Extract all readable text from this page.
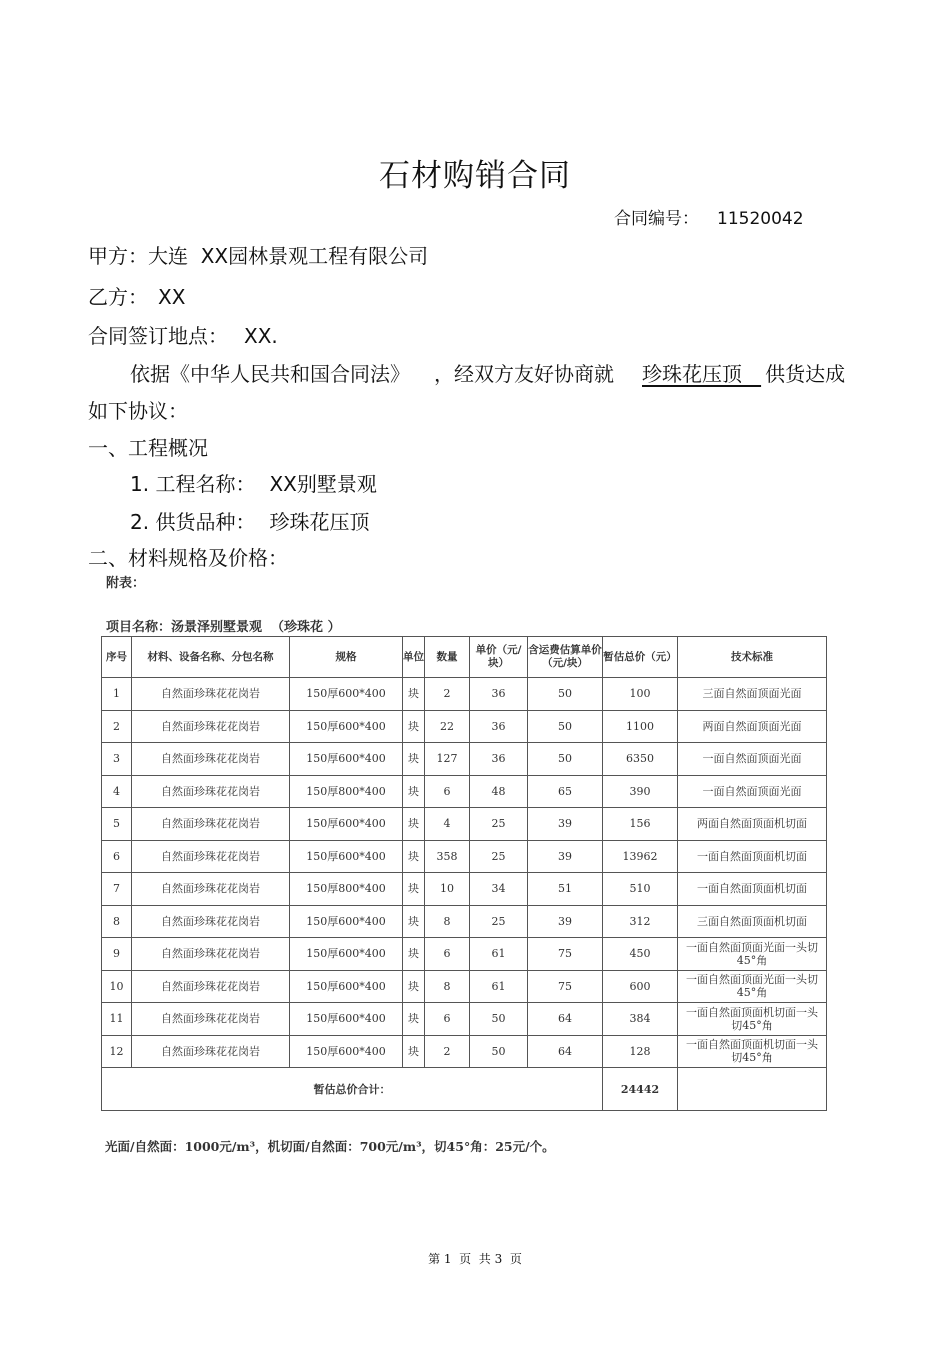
石材购销合同
合同编号： 11520042
甲方：大连  XX园林景观工程有限公司
乙方： XX
合同签订地点： XX.
依据《中华人民共和国合同法》 ，经双方友好协商就 珍珠花压顶 供货达成
如下协议：
一、工程概况
1. 工程名称： XX别墅景观
2. 供货品种： 珍珠花压顶
二、材料规格及价格：
附表：
项目名称：汤景泽别墅景观  （珍珠花 ）
序号	材料、设备名称、分包名称	规格	单位	数量	单价（元/块）	含运费估算单价（元/块）	暂估总价（元）	技术标准
1	自然面珍珠花花岗岩	150厚600*400	块	2	36	50	100	三面自然面顶面光面
2	自然面珍珠花花岗岩	150厚600*400	块	22	36	50	1100	两面自然面顶面光面
3	自然面珍珠花花岗岩	150厚600*400	块	127	36	50	6350	一面自然面顶面光面
4	自然面珍珠花花岗岩	150厚800*400	块	6	48	65	390	一面自然面顶面光面
5	自然面珍珠花花岗岩	150厚600*400	块	4	25	39	156	两面自然面顶面机切面
6	自然面珍珠花花岗岩	150厚600*400	块	358	25	39	13962	一面自然面顶面机切面
7	自然面珍珠花花岗岩	150厚800*400	块	10	34	51	510	一面自然面顶面机切面
8	自然面珍珠花花岗岩	150厚600*400	块	8	25	39	312	三面自然面顶面机切面
9	自然面珍珠花花岗岩	150厚600*400	块	6	61	75	450	一面自然面顶面光面一头切45°角
10	自然面珍珠花花岗岩	150厚600*400	块	8	61	75	600	一面自然面顶面光面一头切45°角
11	自然面珍珠花花岗岩	150厚600*400	块	6	50	64	384	一面自然面顶面机切面一头切45°角
12	自然面珍珠花花岗岩	150厚600*400	块	2	50	64	128	一面自然面顶面机切面一头切45°角
暂估总价合计：							24442	
光面/自然面：1000元/m³，机切面/自然面：700元/m³，切45°角：25元/个。
第 1  页  共 3  页
